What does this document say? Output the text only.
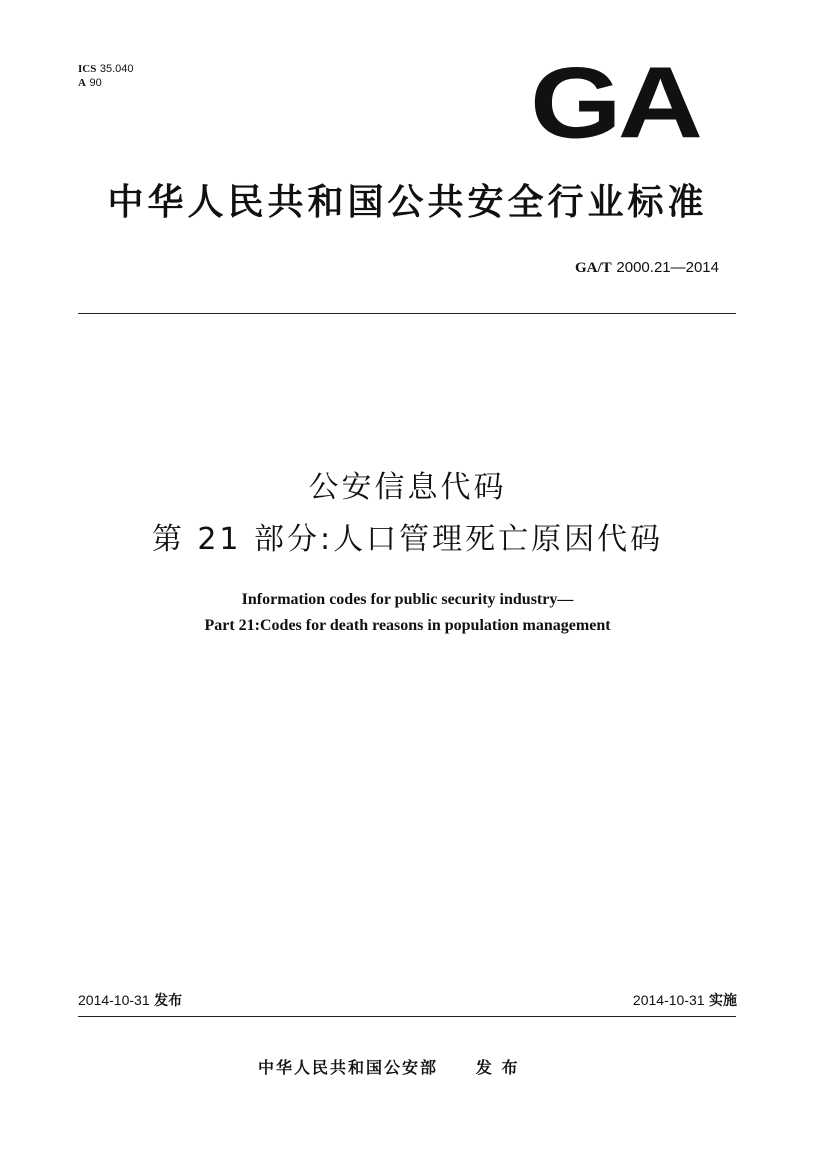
ICS 35.040
A 90	GA
中华人民共和国公共安全行业标准
GA/T 2000.21—2014
公安信息代码
第 21 部分:人口管理死亡原因代码
Information codes for public security industry—
Part 21:Codes for death reasons in population management
2014-10-31 发布	2014-10-31 实施
中华人民共和国公安部 发 布
